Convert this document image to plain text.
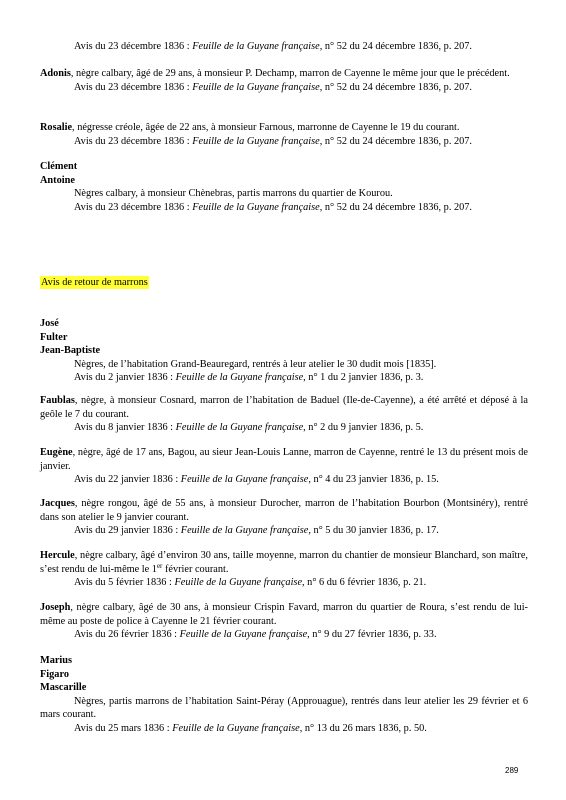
Avis du 23 décembre 1836 : Feuille de la Guyane française, n° 52 du 24 décembre 1836, p. 207.
Adonis, nègre calbary, âgé de 29 ans, à monsieur P. Dechamp, marron de Cayenne le même jour que le précédent.
Avis du 23 décembre 1836 : Feuille de la Guyane française, n° 52 du 24 décembre 1836, p. 207.
Rosalie, négresse créole, âgée de 22 ans, à monsieur Farnous, marronne de Cayenne le 19 du courant.
Avis du 23 décembre 1836 : Feuille de la Guyane française, n° 52 du 24 décembre 1836, p. 207.
Clément
Antoine
Nègres calbary, à monsieur Chènebras, partis marrons du quartier de Kourou.
Avis du 23 décembre 1836 : Feuille de la Guyane française, n° 52 du 24 décembre 1836, p. 207.
Avis de retour de marrons
José
Fulter
Jean-Baptiste
Nègres, de l’habitation Grand-Beauregard, rentrés à leur atelier le 30 dudit mois [1835].
Avis du 2 janvier 1836 : Feuille de la Guyane française, n° 1 du 2 janvier 1836, p. 3.
Faublas, nègre, à monsieur Cosnard, marron de l’habitation de Baduel (Ile-de-Cayenne), a été arrêté et déposé à la geôle le 7 du courant.
Avis du 8 janvier 1836 : Feuille de la Guyane française, n° 2 du 9 janvier 1836, p. 5.
Eugène, nègre, âgé de 17 ans, Bagou, au sieur Jean-Louis Lanne, marron de Cayenne, rentré le 13 du présent mois de janvier.
Avis du 22 janvier 1836 : Feuille de la Guyane française, n° 4 du 23 janvier 1836, p. 15.
Jacques, nègre rongou, âgé de 55 ans, à monsieur Durocher, marron de l’habitation Bourbon (Montsinéry), rentré dans son atelier le 9 janvier courant.
Avis du 29 janvier 1836 : Feuille de la Guyane française, n° 5 du 30 janvier 1836, p. 17.
Hercule, nègre calbary, âgé d’environ 30 ans, taille moyenne, marron du chantier de monsieur Blanchard, son maître, s’est rendu de lui-même le 1er février courant.
Avis du 5 février 1836 : Feuille de la Guyane française, n° 6 du 6 février 1836, p. 21.
Joseph, nègre calbary, âgé de 30 ans, à monsieur Crispin Favard, marron du quartier de Roura, s’est rendu de lui-même au poste de police à Cayenne le 21 février courant.
Avis du 26 février 1836 : Feuille de la Guyane française, n° 9 du 27 février 1836, p. 33.
Marius
Figaro
Mascarille
Nègres, partis marrons de l’habitation Saint-Péray (Approuague), rentrés dans leur atelier les 29 février et 6 mars courant.
Avis du 25 mars 1836 : Feuille de la Guyane française, n° 13 du 26 mars 1836, p. 50.
289
